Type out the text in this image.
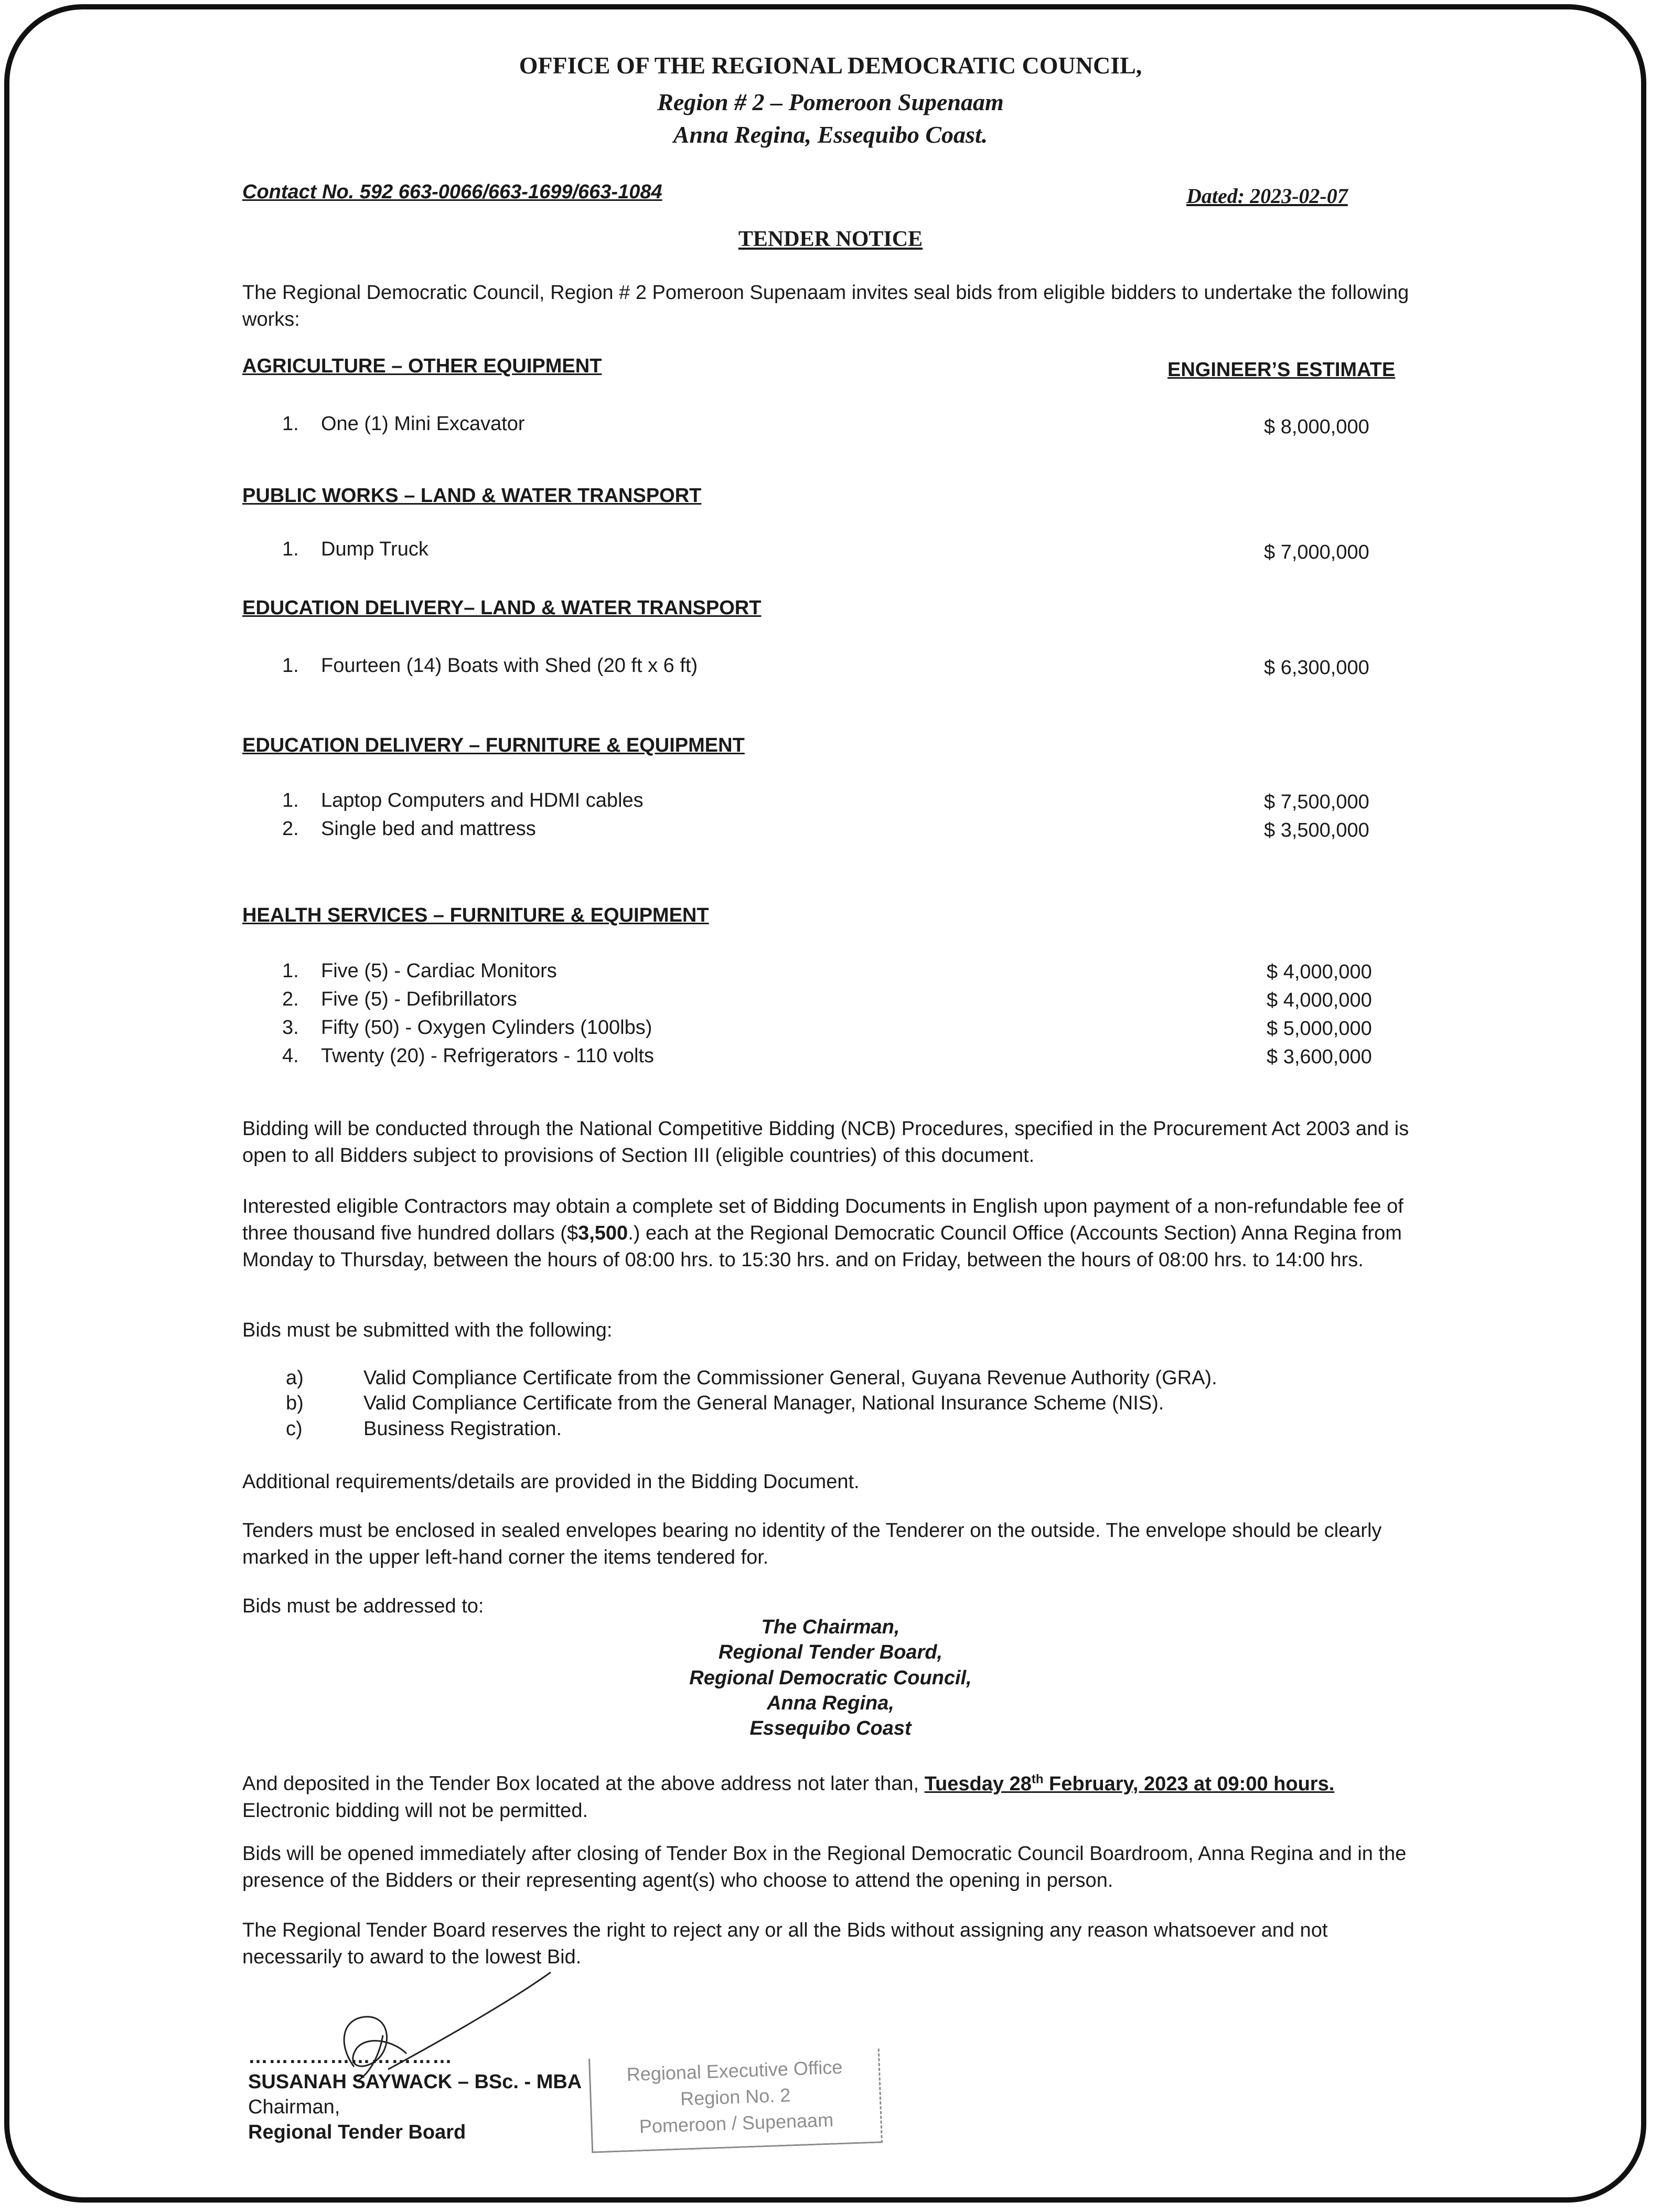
OFFICE OF THE REGIONAL DEMOCRATIC COUNCIL,
Region # 2 – Pomeroon Supenaam
Anna Regina, Essequibo Coast.
Contact No. 592 663-0066/663-1699/663-1084	Dated: 2023-02-07
TENDER NOTICE
The Regional Democratic Council, Region # 2 Pomeroon Supenaam invites seal bids from eligible bidders to undertake the following works:
ENGINEER’S ESTIMATE
AGRICULTURE – OTHER EQUIPMENT
1. One (1) Mini Excavator	$ 8,000,000
PUBLIC WORKS – LAND & WATER TRANSPORT
1. Dump Truck	$ 7,000,000
EDUCATION DELIVERY– LAND & WATER TRANSPORT
1. Fourteen (14) Boats with Shed (20 ft x 6 ft)	$ 6,300,000
EDUCATION DELIVERY – FURNITURE & EQUIPMENT
1. Laptop Computers and HDMI cables	$ 7,500,000
2. Single bed and mattress	$ 3,500,000
HEALTH SERVICES – FURNITURE & EQUIPMENT
1. Five (5) - Cardiac Monitors	$ 4,000,000
2. Five (5) - Defibrillators	$ 4,000,000
3. Fifty (50) - Oxygen Cylinders (100lbs)	$ 5,000,000
4. Twenty (20) - Refrigerators - 110 volts	$ 3,600,000
Bidding will be conducted through the National Competitive Bidding (NCB) Procedures, specified in the Procurement Act 2003 and is open to all Bidders subject to provisions of Section III (eligible countries) of this document.
Interested eligible Contractors may obtain a complete set of Bidding Documents in English upon payment of a non-refundable fee of three thousand five hundred dollars ($3,500.) each at the Regional Democratic Council Office (Accounts Section) Anna Regina from Monday to Thursday, between the hours of 08:00 hrs. to 15:30 hrs. and on Friday, between the hours of 08:00 hrs. to 14:00 hrs.
Bids must be submitted with the following:
a)	Valid Compliance Certificate from the Commissioner General, Guyana Revenue Authority (GRA).
b)	Valid Compliance Certificate from the General Manager, National Insurance Scheme (NIS).
c)	Business Registration.
Additional requirements/details are provided in the Bidding Document.
Tenders must be enclosed in sealed envelopes bearing no identity of the Tenderer on the outside. The envelope should be clearly marked in the upper left-hand corner the items tendered for.
Bids must be addressed to:
The Chairman,
Regional Tender Board,
Regional Democratic Council,
Anna Regina,
Essequibo Coast
And deposited in the Tender Box located at the above address not later than, Tuesday 28th February, 2023 at 09:00 hours. Electronic bidding will not be permitted.
Bids will be opened immediately after closing of Tender Box in the Regional Democratic Council Boardroom, Anna Regina and in the presence of the Bidders or their representing agent(s) who choose to attend the opening in person.
The Regional Tender Board reserves the right to reject any or all the Bids without assigning any reason whatsoever and not necessarily to award to the lowest Bid.
…………………………
SUSANAH SAYWACK – BSc. - MBA
Chairman,
Regional Tender Board
Regional Executive Office
Region No. 2
Pomeroon / Supenaam
